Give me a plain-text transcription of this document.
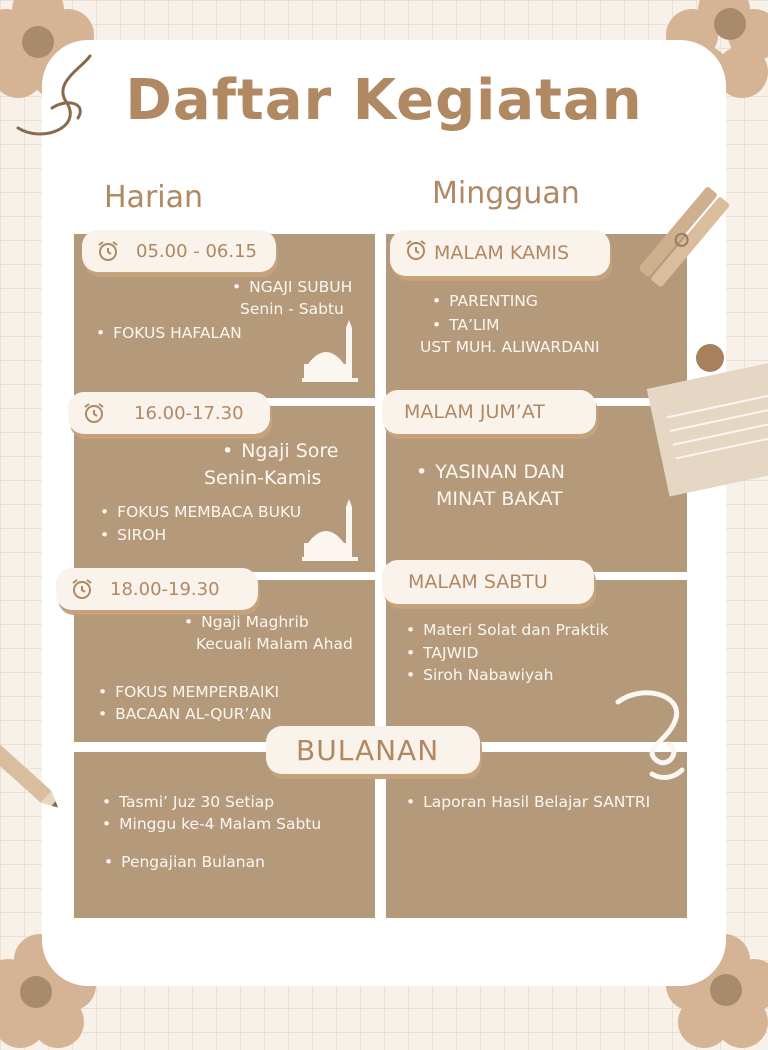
Daftar Kegiatan
Harian	Mingguan
05.00 - 06.15
• NGAJI SUBUH
Senin - Sabtu
• FOKUS HAFALAN
16.00-17.30
• Ngaji Sore
Senin-Kamis
• FOKUS MEMBACA BUKU
• SIROH
18.00-19.30
• Ngaji Maghrib
Kecuali Malam Ahad
• FOKUS MEMPERBAIKI
• BACAAN AL-QUR’AN
MALAM KAMIS
• PARENTING
• TA’LIM
UST MUH. ALIWARDANI
MALAM JUM’AT
• YASINAN DAN
MINAT BAKAT
MALAM SABTU
• Materi Solat dan Praktik
• TAJWID
• Siroh Nabawiyah
BULANAN
• Tasmi’ Juz 30 Setiap
• Minggu ke-4 Malam Sabtu
• Pengajian Bulanan
• Laporan Hasil Belajar SANTRI
